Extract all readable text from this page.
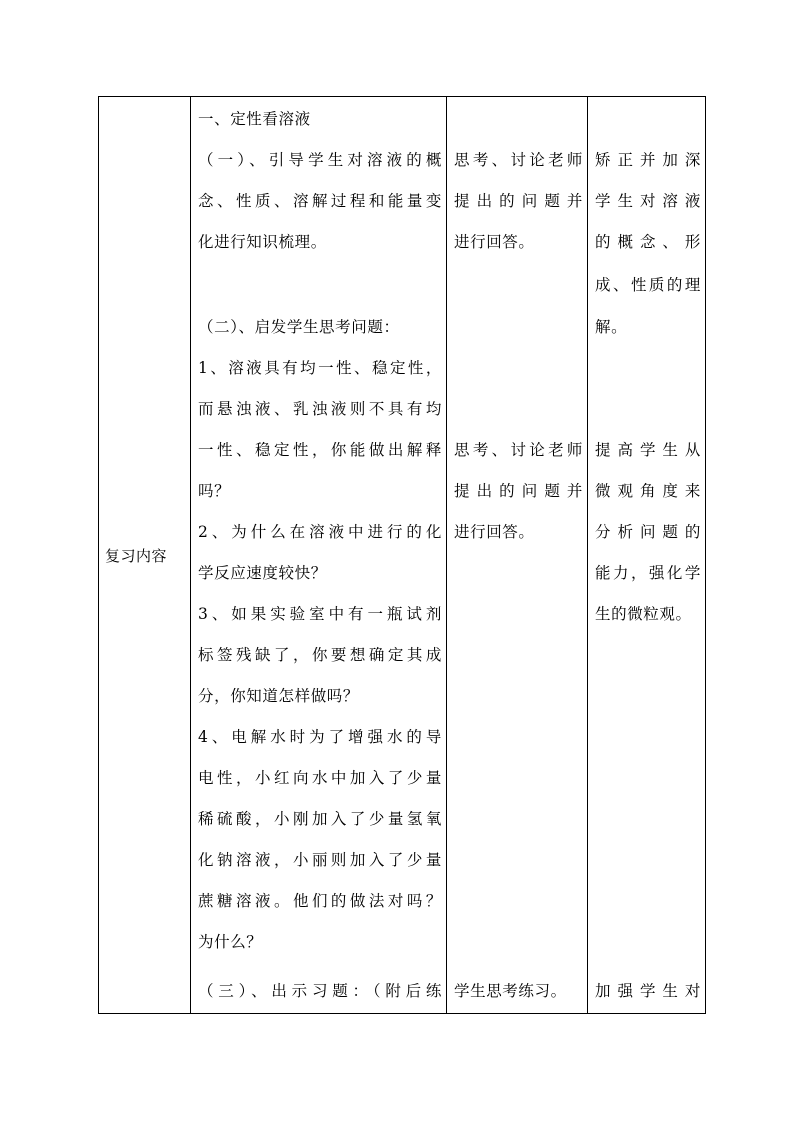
复习内容

一、定性看溶液
（一）、引导学生对溶液的概
念、性质、溶解过程和能量变
化进行知识梳理。
（二）、启发学生思考问题：
1、溶液具有均一性、稳定性，
而悬浊液、乳浊液则不具有均
一性、稳定性，你能做出解释
吗？
2、为什么在溶液中进行的化
学反应速度较快？
3、如果实验室中有一瓶试剂
标签残缺了，你要想确定其成
分，你知道怎样做吗？
4、电解水时为了增强水的导
电性，小红向水中加入了少量
稀硫酸，小刚加入了少量氢氧
化钠溶液，小丽则加入了少量
蔗糖溶液。他们的做法对吗？
为什么？
（三）、出示习题：（附后练

思考、讨论老师
提出的问题并
进行回答。
思考、讨论老师
提出的问题并
进行回答。
学生思考练习。

矫正并加深
学生对溶液
的概念、形
成、性质的理
解。
提高学生从
微观角度来
分析问题的
能力，强化学
生的微粒观。
加强学生对
